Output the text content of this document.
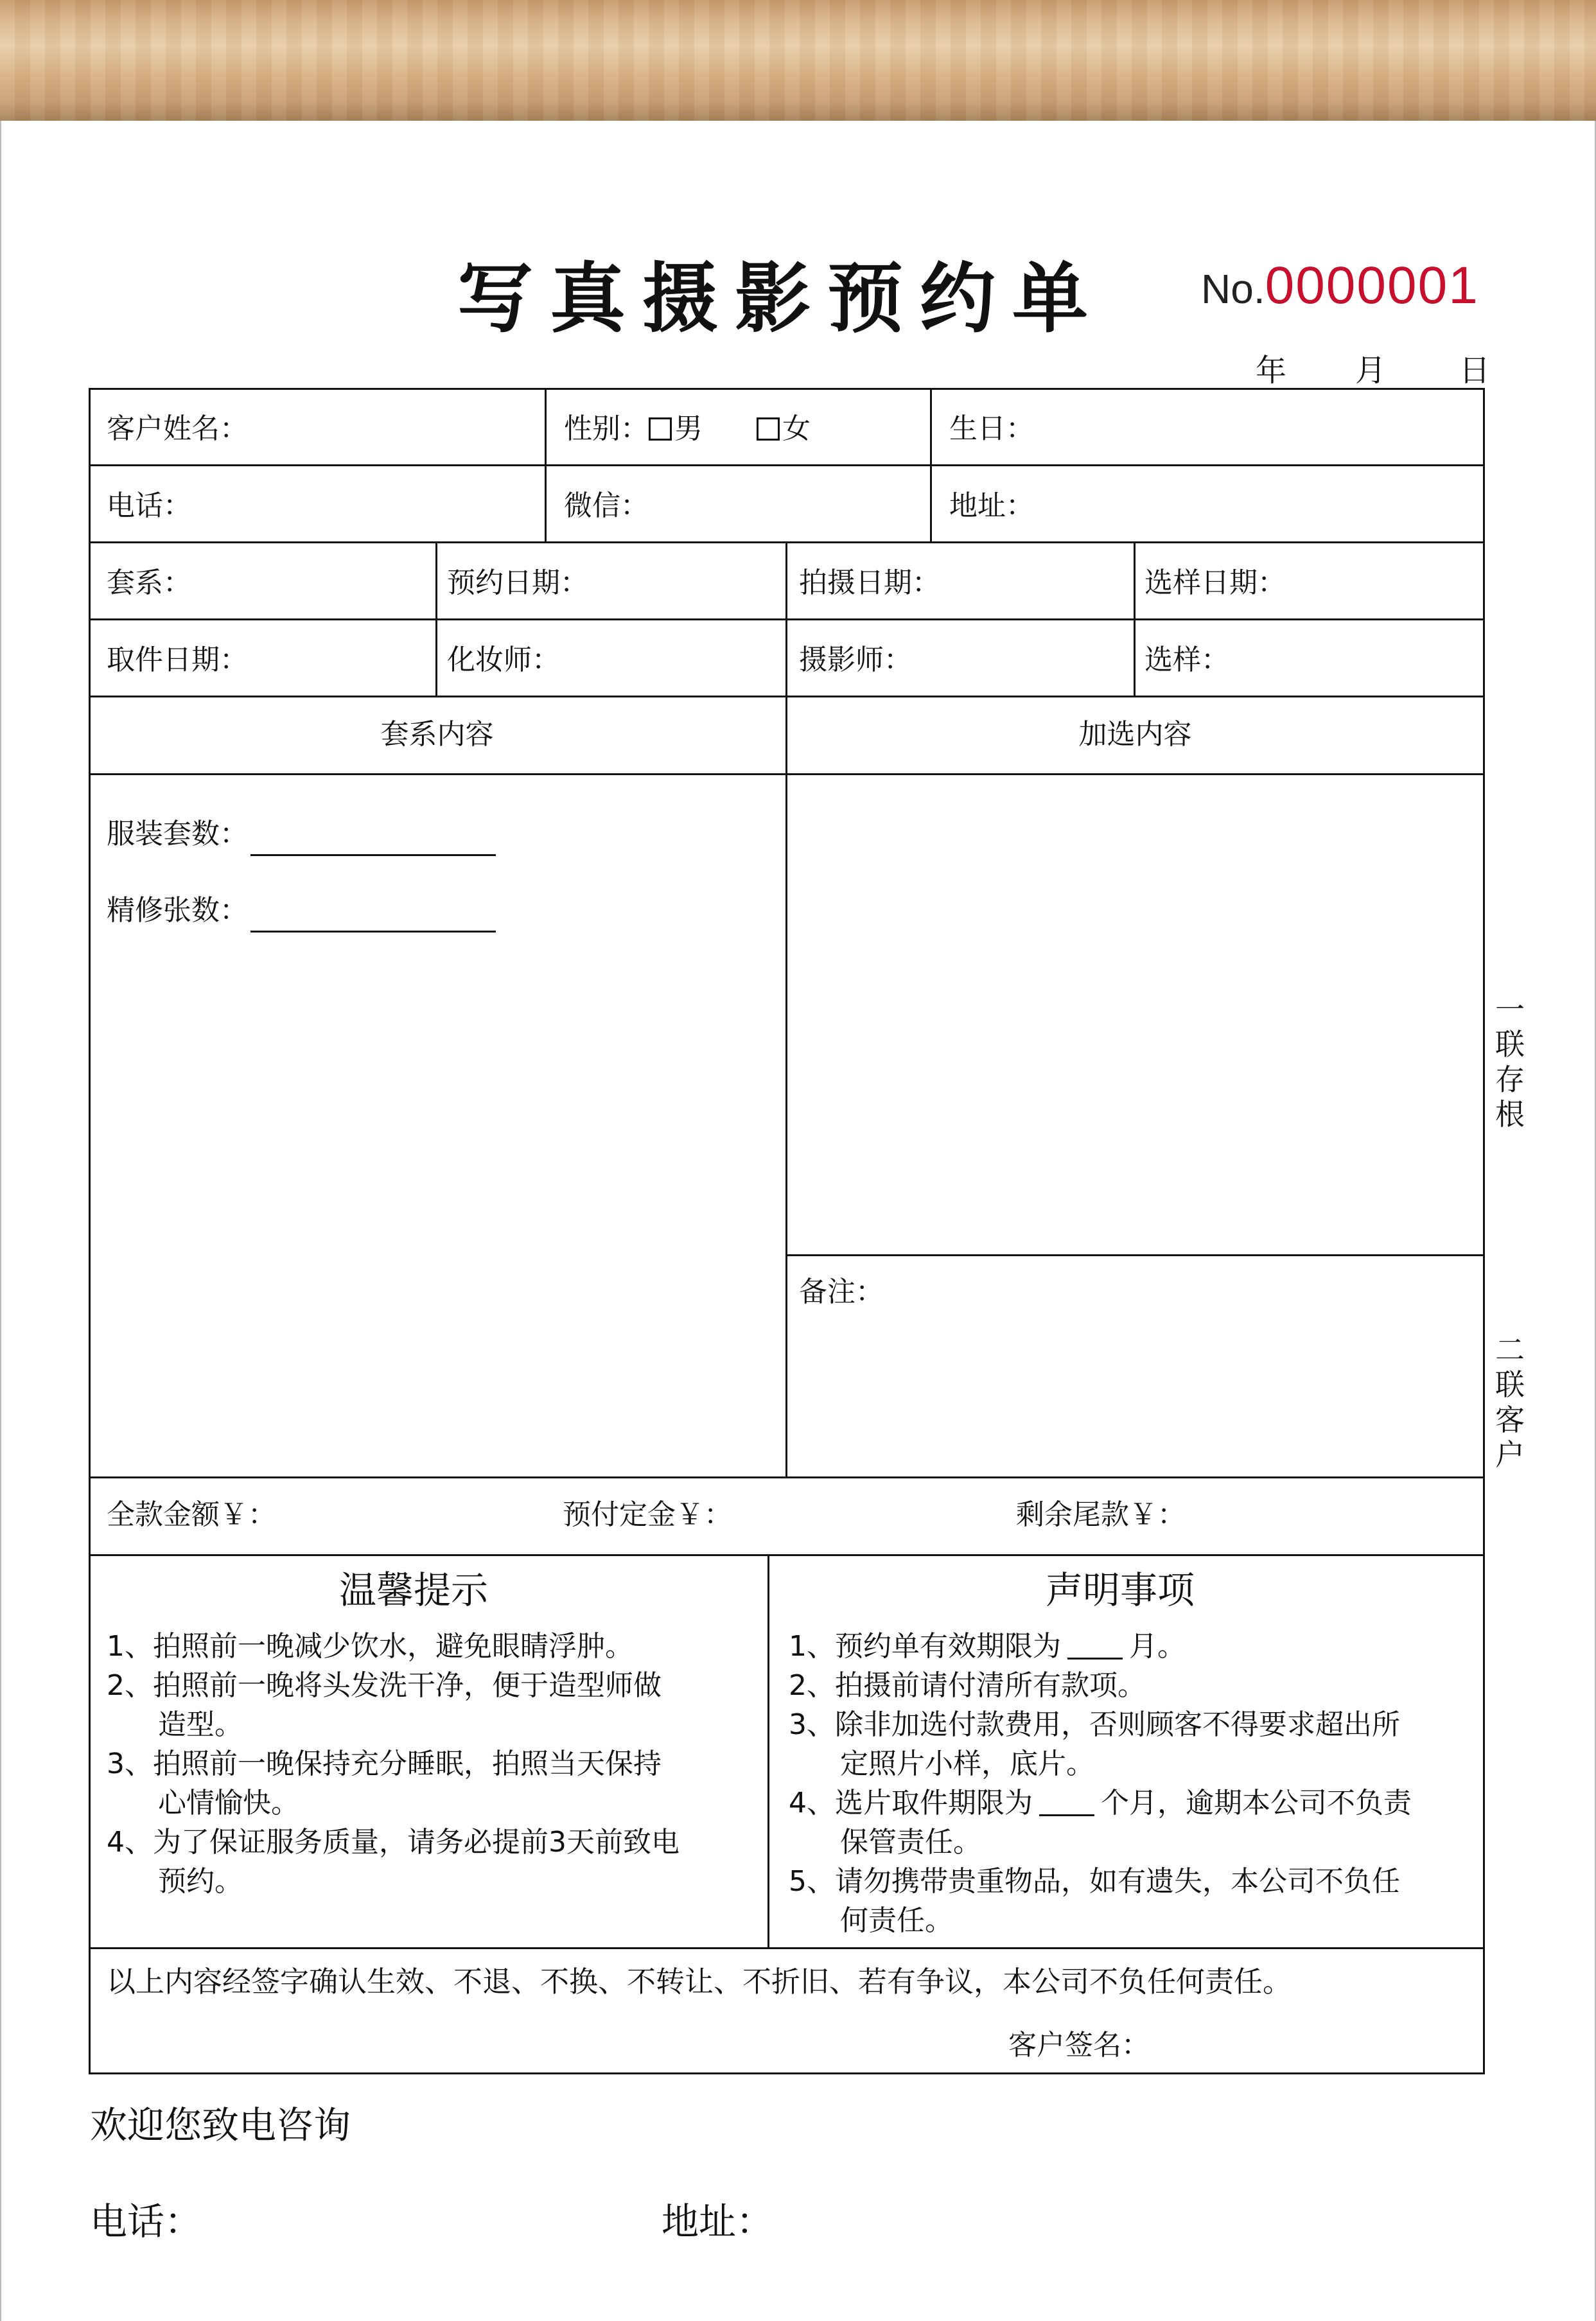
写真摄影预约单 No.0000001
年 月 日
客户姓名：	性别： 男	女	生日：
电话：	微信：	地址：
套系：	预约日期：	拍摄日期：	选样日期：
取件日期：	化妆师：	摄影师：	选样：
套系内容	加选内容
服装套数：
精修张数：
备注：
全款金额￥：	预付定金￥：	剩余尾款￥：
温馨提示
1、拍照前一晚减少饮水，避免眼睛浮肿。
2、拍照前一晚将头发洗干净，便于造型师做
造型。
3、拍照前一晚保持充分睡眠，拍照当天保持
心情愉快。
4、为了保证服务质量，请务必提前3天前致电
预约。
声明事项
1、预约单有效期限为 月。
2、拍摄前请付清所有款项。
3、除非加选付款费用，否则顾客不得要求超出所
定照片小样，底片。
4、选片取件期限为 个月，逾期本公司不负责
保管责任。
5、请勿携带贵重物品，如有遗失，本公司不负任
何责任。
以上内容经签字确认生效、不退、不换、不转让、不折旧、若有争议，本公司不负任何责任。
客户签名：
一联存根
二联客户
欢迎您致电咨询
电话：	地址：
